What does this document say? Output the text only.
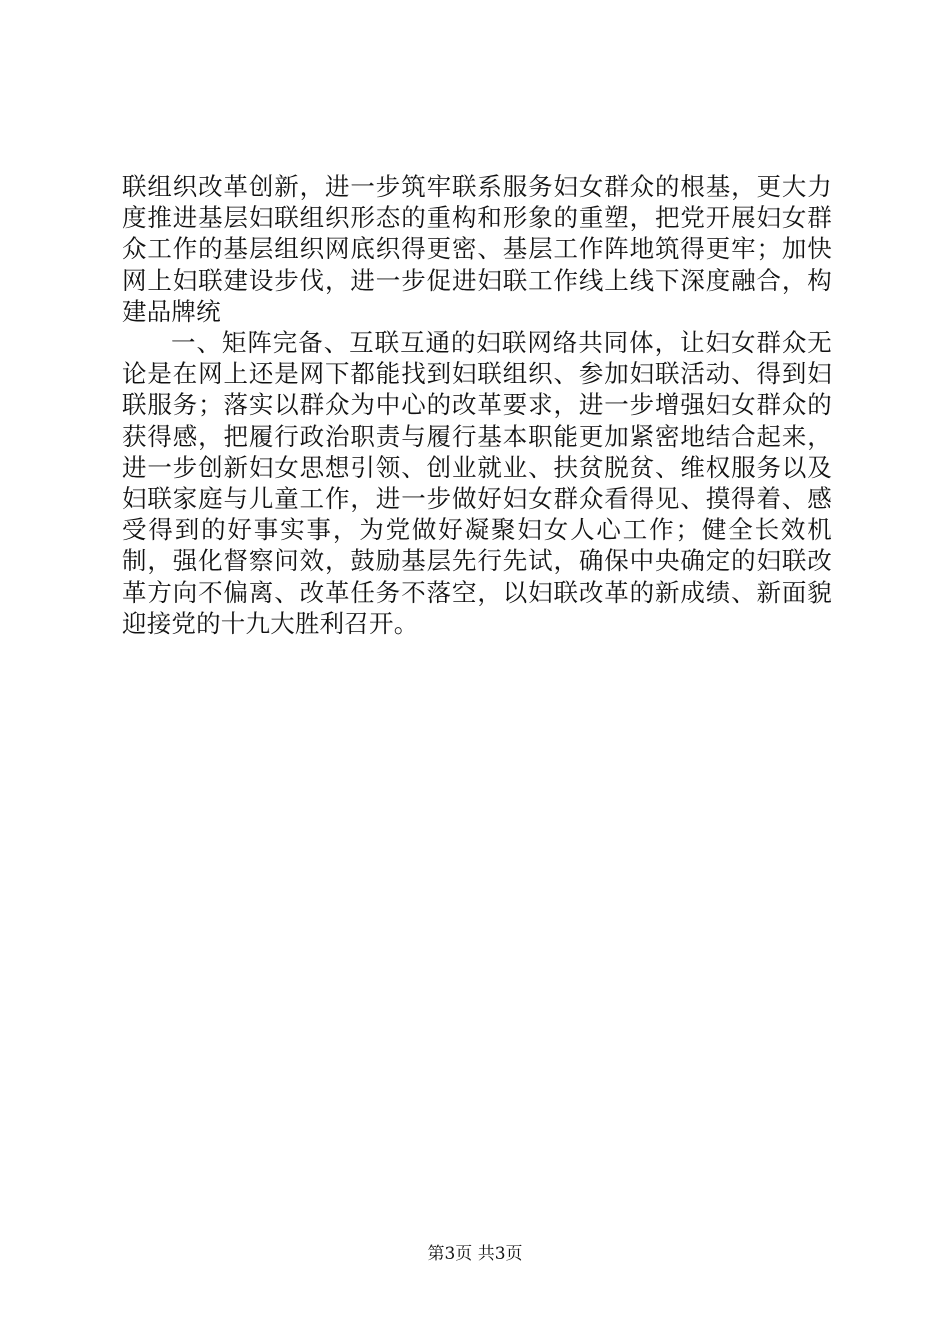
联组织改革创新，进一步筑牢联系服务妇女群众的根基，更大力度推进基层妇联组织形态的重构和形象的重塑，把党开展妇女群众工作的基层组织网底织得更密、基层工作阵地筑得更牢；加快网上妇联建设步伐，进一步促进妇联工作线上线下深度融合，构建品牌统

一、矩阵完备、互联互通的妇联网络共同体，让妇女群众无论是在网上还是网下都能找到妇联组织、参加妇联活动、得到妇联服务；落实以群众为中心的改革要求，进一步增强妇女群众的获得感，把履行政治职责与履行基本职能更加紧密地结合起来，进一步创新妇女思想引领、创业就业、扶贫脱贫、维权服务以及妇联家庭与儿童工作，进一步做好妇女群众看得见、摸得着、感受得到的好事实事，为党做好凝聚妇女人心工作；健全长效机制，强化督察问效，鼓励基层先行先试，确保中央确定的妇联改革方向不偏离、改革任务不落空，以妇联改革的新成绩、新面貌迎接党的十九大胜利召开。

第3页 共3页
